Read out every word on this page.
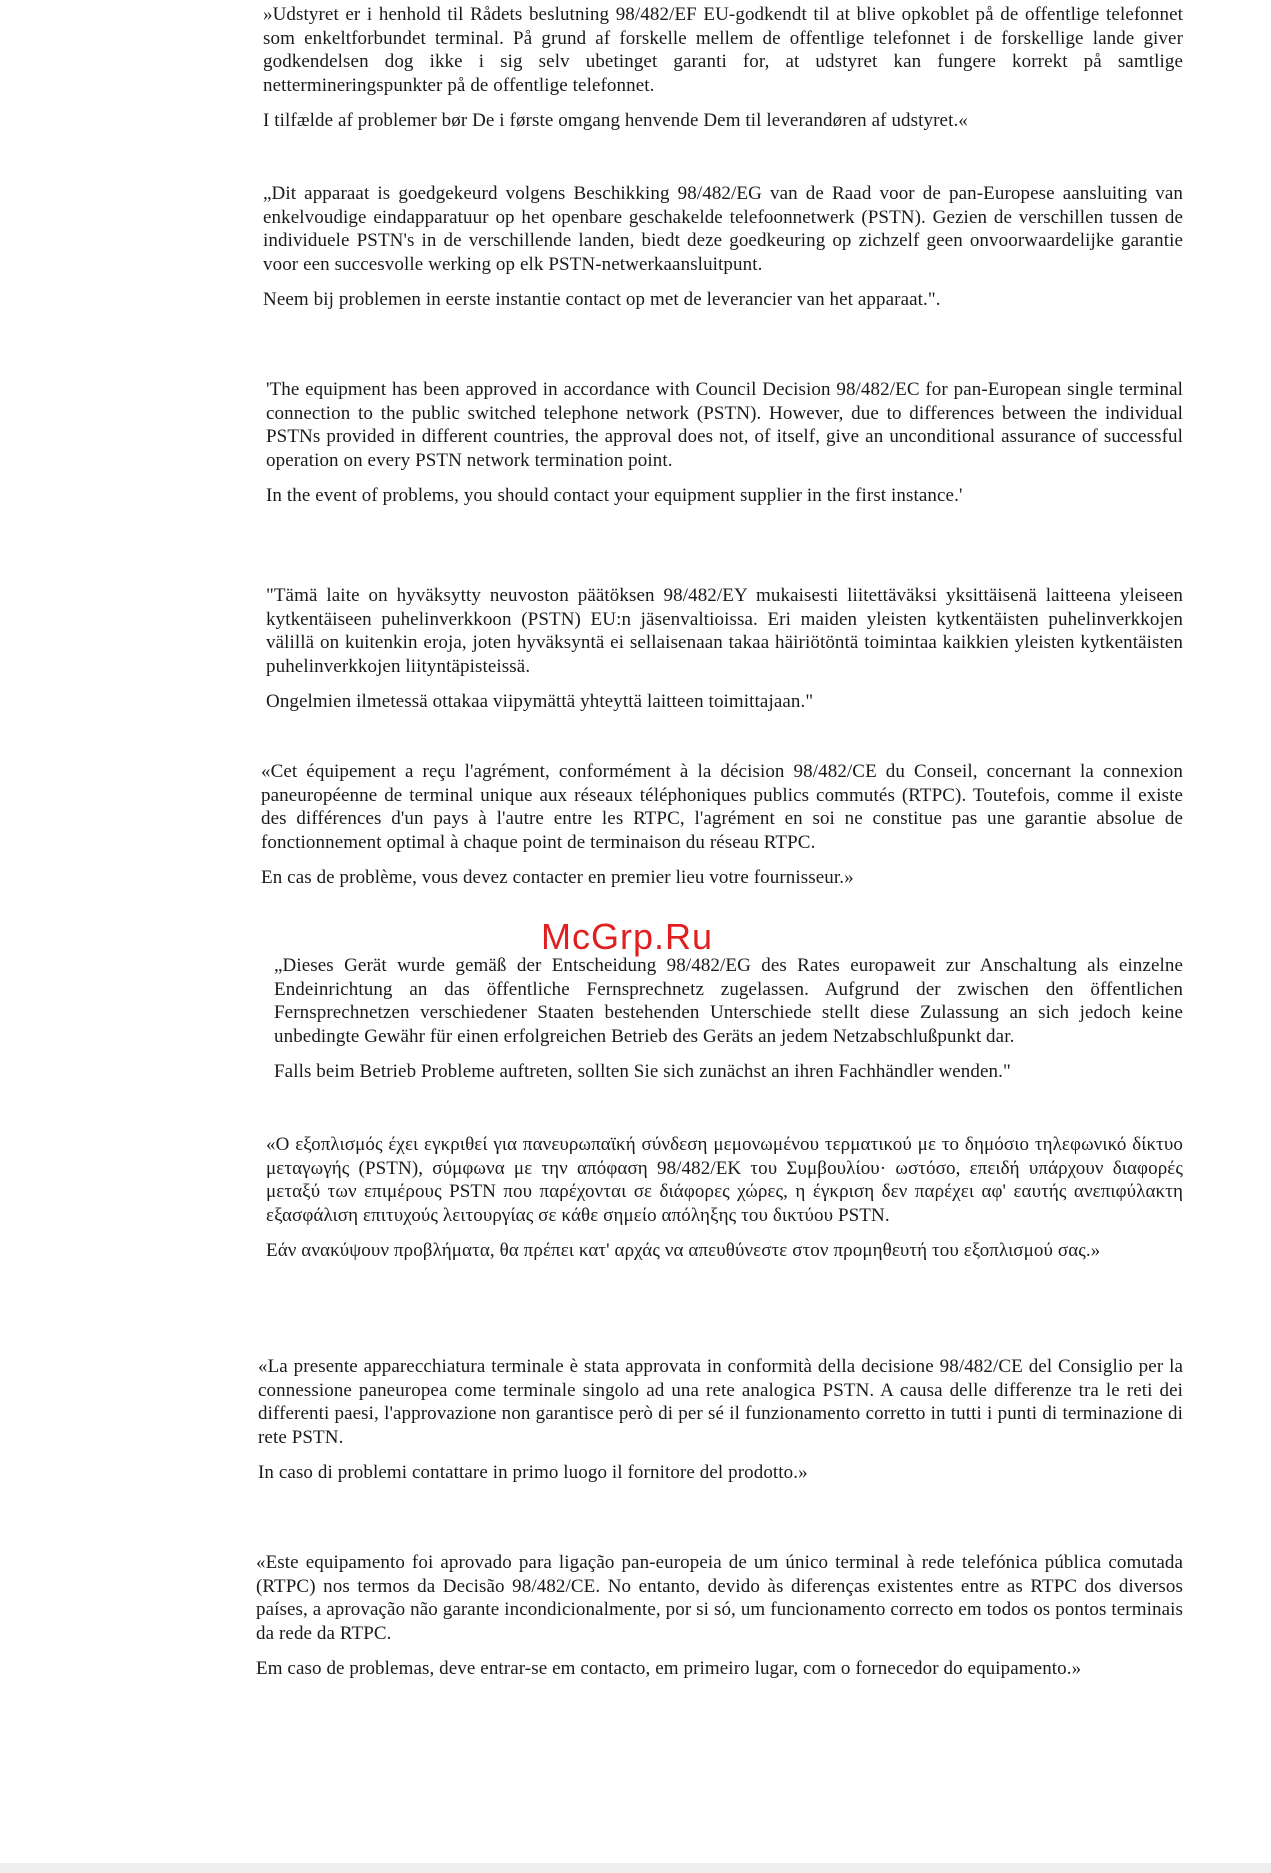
»Udstyret er i henhold til Rådets beslutning 98/482/EF EU-godkendt til at blive opkoblet på de offentlige telefonnet som enkeltforbundet terminal. På grund af forskelle mellem de offentlige telefonnet i de forskellige lande giver godkendelsen dog ikke i sig selv ubetinget garanti for, at udstyret kan fungere korrekt på samtlige nettermineringspunkter på de offentlige telefonnet.

I tilfælde af problemer bør De i første omgang henvende Dem til leverandøren af udstyret.«

„Dit apparaat is goedgekeurd volgens Beschikking 98/482/EG van de Raad voor de pan-Europese aansluiting van enkelvoudige eindapparatuur op het openbare geschakelde telefoonnetwerk (PSTN). Gezien de verschillen tussen de individuele PSTN's in de verschillende landen, biedt deze goedkeuring op zichzelf geen onvoorwaardelijke garantie voor een succesvolle werking op elk PSTN-netwerkaansluitpunt.

Neem bij problemen in eerste instantie contact op met de leverancier van het apparaat.".

'The equipment has been approved in accordance with Council Decision 98/482/EC for pan-European single terminal connection to the public switched telephone network (PSTN). However, due to differences between the individual PSTNs provided in different countries, the approval does not, of itself, give an unconditional assurance of successful operation on every PSTN network termination point.

In the event of problems, you should contact your equipment supplier in the first instance.'

"Tämä laite on hyväksytty neuvoston päätöksen 98/482/EY mukaisesti liitettäväksi yksittäisenä laitteena yleiseen kytkentäiseen puhelinverkkoon (PSTN) EU:n jäsenvaltioissa. Eri maiden yleisten kytkentäisten puhelinverkkojen välillä on kuitenkin eroja, joten hyväksyntä ei sellaisenaan takaa häiriötöntä toimintaa kaikkien yleisten kytkentäisten puhelinverkkojen liityntäpisteissä.

Ongelmien ilmetessä ottakaa viipymättä yhteyttä laitteen toimittajaan."

«Cet équipement a reçu l'agrément, conformément à la décision 98/482/CE du Conseil, concernant la connexion paneuropéenne de terminal unique aux réseaux téléphoniques publics commutés (RTPC). Toutefois, comme il existe des différences d'un pays à l'autre entre les RTPC, l'agrément en soi ne constitue pas une garantie absolue de fonctionnement optimal à chaque point de terminaison du réseau RTPC.

En cas de problème, vous devez contacter en premier lieu votre fournisseur.»

McGrp.Ru

„Dieses Gerät wurde gemäß der Entscheidung 98/482/EG des Rates europaweit zur Anschaltung als einzelne Endeinrichtung an das öffentliche Fernsprechnetz zugelassen. Aufgrund der zwischen den öffentlichen Fernsprechnetzen verschiedener Staaten bestehenden Unterschiede stellt diese Zulassung an sich jedoch keine unbedingte Gewähr für einen erfolgreichen Betrieb des Geräts an jedem Netzabschlußpunkt dar.

Falls beim Betrieb Probleme auftreten, sollten Sie sich zunächst an ihren Fachhändler wenden."

«Ο εξοπλισμός έχει εγκριθεί για πανευρωπαϊκή σύνδεση μεμονωμένου τερματικού με το δημόσιο τηλεφωνικό δίκτυο μεταγωγής (PSTN), σύμφωνα με την απόφαση 98/482/ΕΚ του Συμβουλίου· ωστόσο, επειδή υπάρχουν διαφορές μεταξύ των επιμέρους PSTN που παρέχονται σε διάφορες χώρες, η έγκριση δεν παρέχει αφ' εαυτής ανεπιφύλακτη εξασφάλιση επιτυχούς λειτουργίας σε κάθε σημείο απόληξης του δικτύου PSTN.

Εάν ανακύψουν προβλήματα, θα πρέπει κατ' αρχάς να απευθύνεστε στον προμηθευτή του εξοπλισμού σας.»

«La presente apparecchiatura terminale è stata approvata in conformità della decisione 98/482/CE del Consiglio per la connessione paneuropea come terminale singolo ad una rete analogica PSTN. A causa delle differenze tra le reti dei differenti paesi, l'approvazione non garantisce però di per sé il funzionamento corretto in tutti i punti di terminazione di rete PSTN.

In caso di problemi contattare in primo luogo il fornitore del prodotto.»

«Este equipamento foi aprovado para ligação pan-europeia de um único terminal à rede telefónica pública comutada (RTPC) nos termos da Decisão 98/482/CE. No entanto, devido às diferenças existentes entre as RTPC dos diversos países, a aprovação não garante incondicionalmente, por si só, um funcionamento correcto em todos os pontos terminais da rede da RTPC.

Em caso de problemas, deve entrar-se em contacto, em primeiro lugar, com o fornecedor do equipamento.»
